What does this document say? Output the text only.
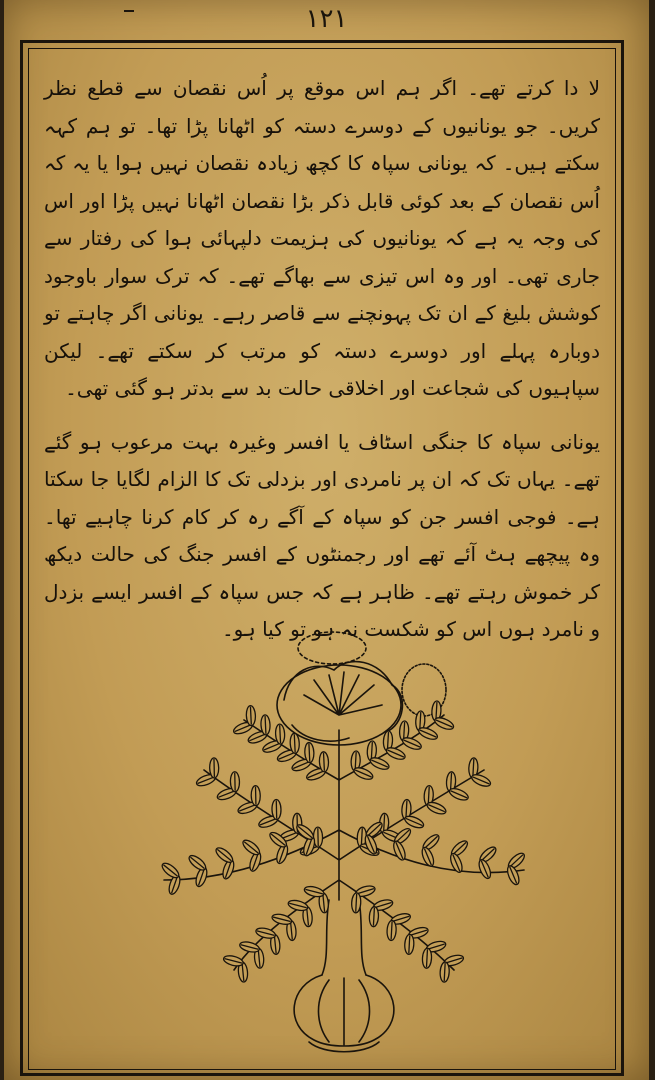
۱۲۱

لا دا کرتے تھے۔ اگر ہم اس موقع پر اُس نقصان سے قطع نظر کریں۔ جو یونانیوں کے دوسرے دستہ کو اٹھانا پڑا تھا۔ تو ہم کہہ سکتے ہیں۔ کہ یونانی سپاہ کا کچھ زیادہ نقصان نہیں ہوا یا یہ کہ اُس نقصان کے بعد کوئی قابل ذکر بڑا نقصان اٹھانا نہیں پڑا اور اس کی وجہ یہ ہے کہ یونانیوں کی ہزیمت دلپہائی ہوا کی رفتار سے جاری تھی۔ اور وہ اس تیزی سے بھاگے تھے۔ کہ ترک سوار باوجود کوشش بلیغ کے ان تک پہونچنے سے قاصر رہے۔ یونانی اگر چاہتے تو دوبارہ پہلے اور دوسرے دستہ کو مرتب کر سکتے تھے۔ لیکن سپاہیوں کی شجاعت اور اخلاقی حالت بد سے بدتر ہو گئی تھی۔

یونانی سپاہ کا جنگی اسٹاف یا افسر وغیرہ بہت مرعوب ہو گئے تھے۔ یہاں تک کہ ان پر نامردی اور بزدلی تک کا الزام لگایا جا سکتا ہے۔ فوجی افسر جن کو سپاہ کے آگے رہ کر کام کرنا چاہیے تھا۔ وہ پیچھے ہٹ آئے تھے اور رجمنٹوں کے افسر جنگ کی حالت دیکھ کر خموش رہتے تھے۔ ظاہر ہے کہ جس سپاہ کے افسر ایسے بزدل و نامرد ہوں اس کو شکست نہ ہو تو کیا ہو۔
